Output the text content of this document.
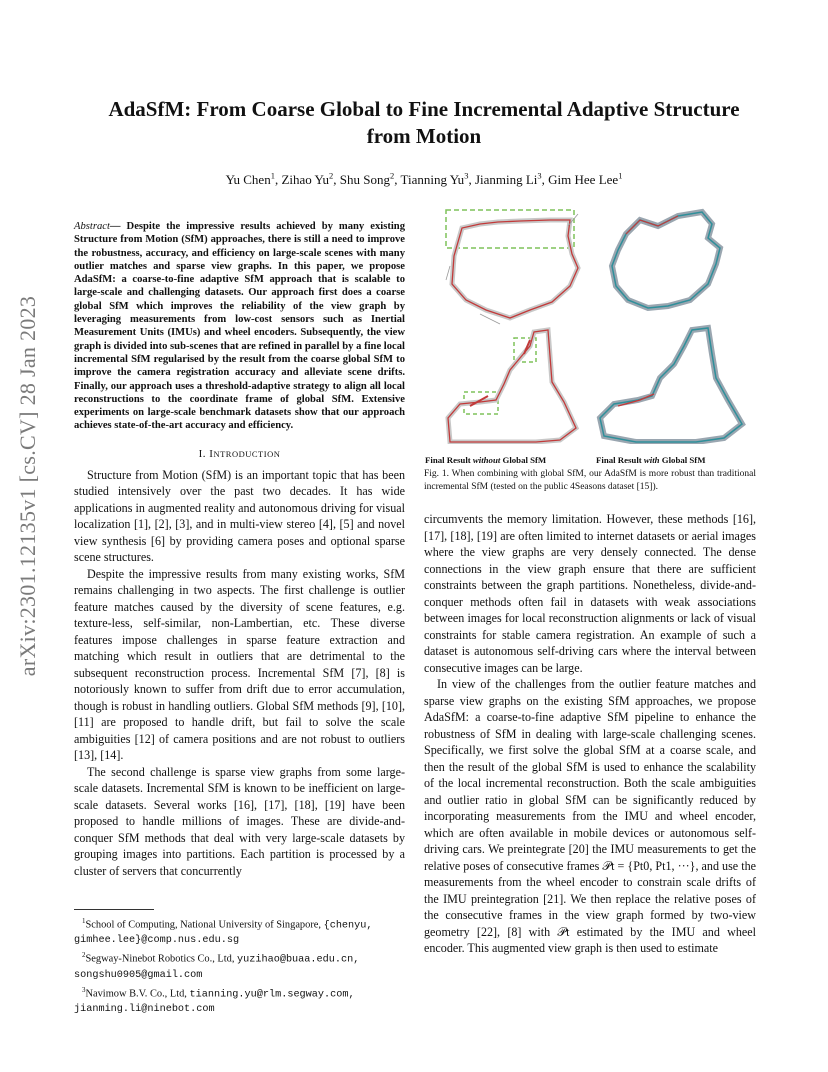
arXiv:2301.12135v1 [cs.CV] 28 Jan 2023
AdaSfM: From Coarse Global to Fine Incremental Adaptive Structure from Motion
Yu Chen$^1$, Zihao Yu$^2$, Shu Song$^2$, Tianning Yu$^3$, Jianming Li$^3$, Gim Hee Lee$^1$
Abstract— Despite the impressive results achieved by many existing Structure from Motion (SfM) approaches, there is still a need to improve the robustness, accuracy, and efficiency on large-scale scenes with many outlier matches and sparse view graphs. In this paper, we propose AdaSfM: a coarse-to-fine adaptive SfM approach that is scalable to large-scale and challenging datasets. Our approach first does a coarse global SfM which improves the reliability of the view graph by leveraging measurements from low-cost sensors such as Inertial Measurement Units (IMUs) and wheel encoders. Subsequently, the view graph is divided into sub-scenes that are refined in parallel by a fine local incremental SfM regularised by the result from the coarse global SfM to improve the camera registration accuracy and alleviate scene drifts. Finally, our approach uses a threshold-adaptive strategy to align all local reconstructions to the coordinate frame of global SfM. Extensive experiments on large-scale benchmark datasets show that our approach achieves state-of-the-art accuracy and efficiency.
I. INTRODUCTION

Structure from Motion (SfM) is an important topic that has been studied intensively over the past two decades. It has wide applications in augmented reality and autonomous driving for visual localization [1], [2], [3], and in multi-view stereo [4], [5] and novel view synthesis [6] by providing camera poses and optional sparse scene structures.

Despite the impressive results from many existing works, SfM remains challenging in two aspects. The first challenge is outlier feature matches caused by the diversity of scene features, e.g. texture-less, self-similar, non-Lambertian, etc. These diverse features impose challenges in sparse feature extraction and matching which result in outliers that are detrimental to the subsequent reconstruction process. Incremental SfM [7], [8] is notoriously known to suffer from drift due to error accumulation, though is robust in handling outliers. Global SfM methods [9], [10], [11] are proposed to handle drift, but fail to solve the scale ambiguities [12] of camera positions and are not robust to outliers [13], [14].

The second challenge is sparse view graphs from some large-scale datasets. Incremental SfM is known to be inefficient on large-scale datasets. Several works [16], [17], [18], [19] have been proposed to handle millions of images. These are divide-and-conquer SfM methods that deal with very large-scale datasets by grouping images into partitions. Each partition is processed by a cluster of servers that concurrently

$^1$School of Computing, National University of Singapore, {chenyu, gimhee.lee}@comp.nus.edu.sg

$^2$Segway-Ninebot Robotics Co., Ltd, yuzihao@buaa.edu.cn, songshu0905@gmail.com

$^3$Navimow B.V. Co., Ltd, tianning.yu@rlm.segway.com, jianming.li@ninebot.com

Final Result without Global SfM	Final Result with Global SfM
Fig. 1. When combining with global SfM, our AdaSfM is more robust than traditional incremental SfM (tested on the public 4Seasons dataset [15]).

circumvents the memory limitation. However, these methods [16], [17], [18], [19] are often limited to internet datasets or aerial images where the view graphs are very densely connected. The dense connections in the view graph ensure that there are sufficient constraints between the graph partitions. Nonetheless, divide-and-conquer methods often fail in datasets with weak associations between images for local reconstruction alignments or lack of visual constraints for stable camera registration. An example of such a dataset is autonomous self-driving cars where the interval between consecutive images can be large.

In view of the challenges from the outlier feature matches and sparse view graphs on the existing SfM approaches, we propose AdaSfM: a coarse-to-fine adaptive SfM pipeline to enhance the robustness of SfM in dealing with large-scale challenging scenes. Specifically, we first solve the global SfM at a coarse scale, and then the result of the global SfM is used to enhance the scalability of the local incremental reconstruction. Both the scale ambiguities and outlier ratio in global SfM can be significantly reduced by incorporating measurements from the IMU and wheel encoder, which are often available in mobile devices or autonomous self-driving cars. We preintegrate [20] the IMU measurements to get the relative poses of consecutive frames 𝒫t = {Pt0, Pt1, ···}, and use the measurements from the wheel encoder to constrain scale drifts of the IMU preintegration [21]. We then replace the relative poses of the consecutive frames in the view graph formed by two-view geometry [22], [8] with 𝒫t estimated by the IMU and wheel encoder. This augmented view graph is then used to estimate
